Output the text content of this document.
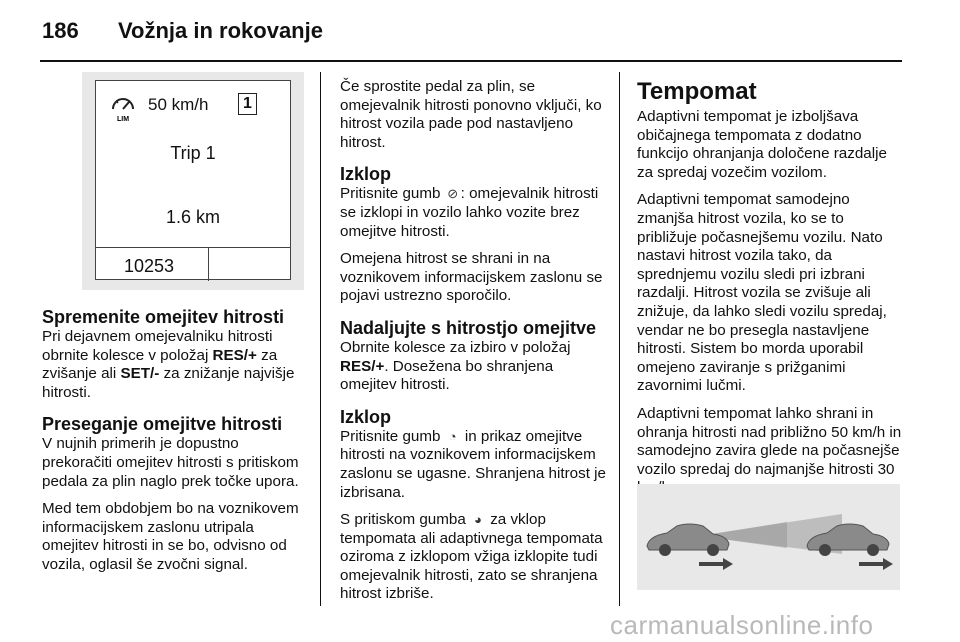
186 Vožnja in rokovanje
LIM
50 km/h	1
Trip 1
1.6 km
10253
Spremenite omejitev hitrosti

Pri dejavnem omejevalniku hitrosti obrnite kolesce v položaj RES/+ za zvišanje ali SET/- za znižanje najvišje hitrosti.

Preseganje omejitve hitrosti

V nujnih primerih je dopustno prekoračiti omejitev hitrosti s pritiskom pedala za plin naglo prek točke upora.

Med tem obdobjem bo na voznikovem informacijskem zaslonu utripala omejitev hitrosti in se bo, odvisno od vozila, oglasil še zvočni signal.

Če sprostite pedal za plin, se omejevalnik hitrosti ponovno vključi, ko hitrost vozila pade pod nastavljeno hitrost.

Izklop

Pritisnite gumb ⊘ : omejevalnik hitrosti se izklopi in vozilo lahko vozite brez omejitve hitrosti.

Omejena hitrost se shrani in na voznikovem informacijskem zaslonu se pojavi ustrezno sporočilo.

Nadaljujte s hitrostjo omejitve

Obrnite kolesce za izbiro v položaj RES/+. Dosežena bo shranjena omejitev hitrosti.

Izklop

Pritisnite gumb ◔ in prikaz omejitve hitrosti na voznikovem informacijskem zaslonu se ugasne. Shranjena hitrost je izbrisana.

S pritiskom gumba ◕ za vklop tempomata ali adaptivnega tempomata oziroma z izklopom vžiga izklopite tudi omejevalnik hitrosti, zato se shranjena hitrost izbriše.

Tempomat

Adaptivni tempomat je izboljšava običajnega tempomata z dodatno funkcijo ohranjanja določene razdalje za spredaj vozečim vozilom.

Adaptivni tempomat samodejno zmanjša hitrost vozila, ko se to približuje počasnejšemu vozilu. Nato nastavi hitrost vozila tako, da sprednjemu vozilu sledi pri izbrani razdalji. Hitrost vozila se zvišuje ali znižuje, da lahko sledi vozilu spredaj, vendar ne bo presegla nastavljene hitrosti. Sistem bo morda uporabil omejeno zaviranje s prižganimi zavornimi lučmi.

Adaptivni tempomat lahko shrani in ohranja hitrosti nad približno 50 km/h in samodejno zavira glede na počasnejše vozilo spredaj do najmanjše hitrosti 30

carmanualsonline.info
